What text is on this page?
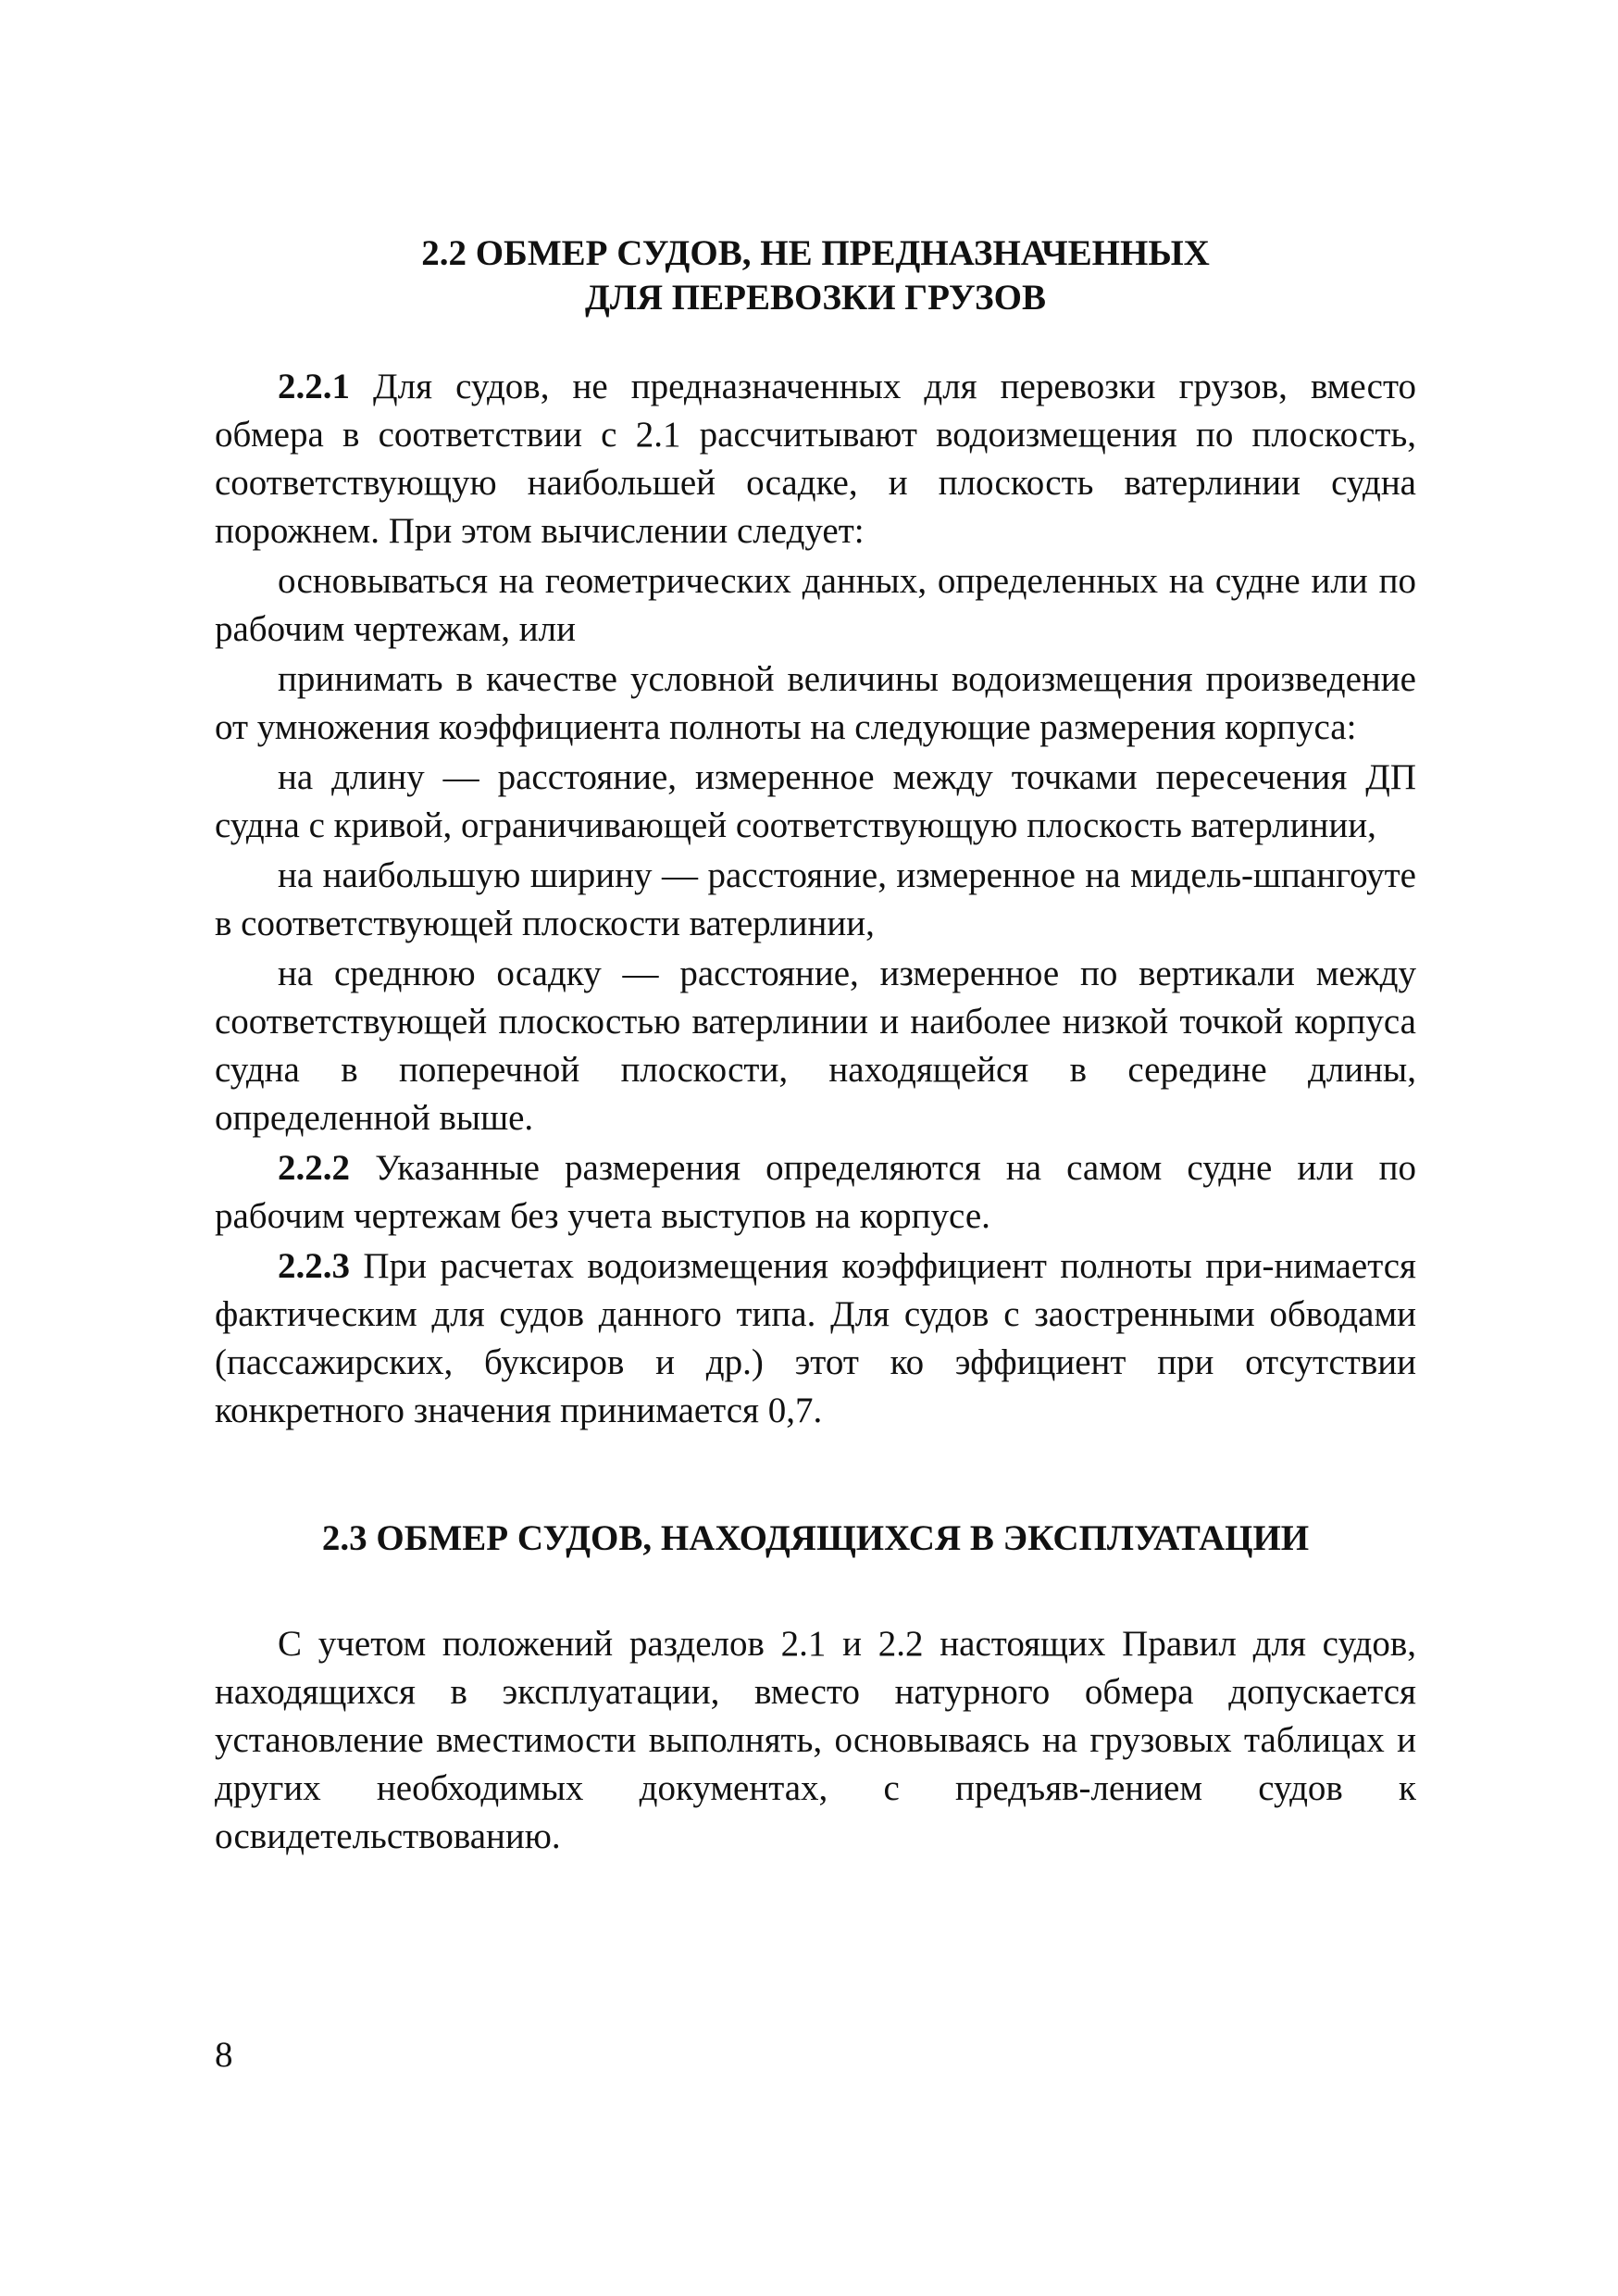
2.2 ОБМЕР СУДОВ, НЕ ПРЕДНАЗНАЧЕННЫХ
ДЛЯ ПЕРЕВОЗКИ ГРУЗОВ

2.2.1 Для судов, не предназначенных для перевозки грузов, вместо обмера в соответствии с 2.1 рассчитывают водоизмещения по плоскость, соответствующую наибольшей осадке, и плоскость ватерлинии судна порожнем. При этом вычислении следует:

основываться на геометрических данных, определенных на судне или по рабочим чертежам, или

принимать в качестве условной величины водоизмещения произведение от умножения коэффициента полноты на следующие размерения корпуса:

на длину — расстояние, измеренное между точками пересечения ДП судна с кривой, ограничивающей соответствующую плоскость ватерлинии,

на наибольшую ширину — расстояние, измеренное на мидель-шпангоуте в соответствующей плоскости ватерлинии,

на среднюю осадку — расстояние, измеренное по вертикали между соответствующей плоскостью ватерлинии и наиболее низкой точкой корпуса судна в поперечной плоскости, находящейся в середине длины, определенной выше.

2.2.2 Указанные размерения определяются на самом судне или по рабочим чертежам без учета выступов на корпусе.

2.2.3 При расчетах водоизмещения коэффициент полноты при-нимается фактическим для судов данного типа. Для судов с заостренными обводами (пассажирских, буксиров и др.) этот ко эффициент при отсутствии конкретного значения принимается 0,7.

2.3 ОБМЕР СУДОВ, НАХОДЯЩИХСЯ В ЭКСПЛУАТАЦИИ

С учетом положений разделов 2.1 и 2.2 настоящих Правил для судов, находящихся в эксплуатации, вместо натурного обмера допускается установление вместимости выполнять, основываясь на грузовых таблицах и других необходимых документах, с предъяв-лением судов к освидетельствованию.

8
